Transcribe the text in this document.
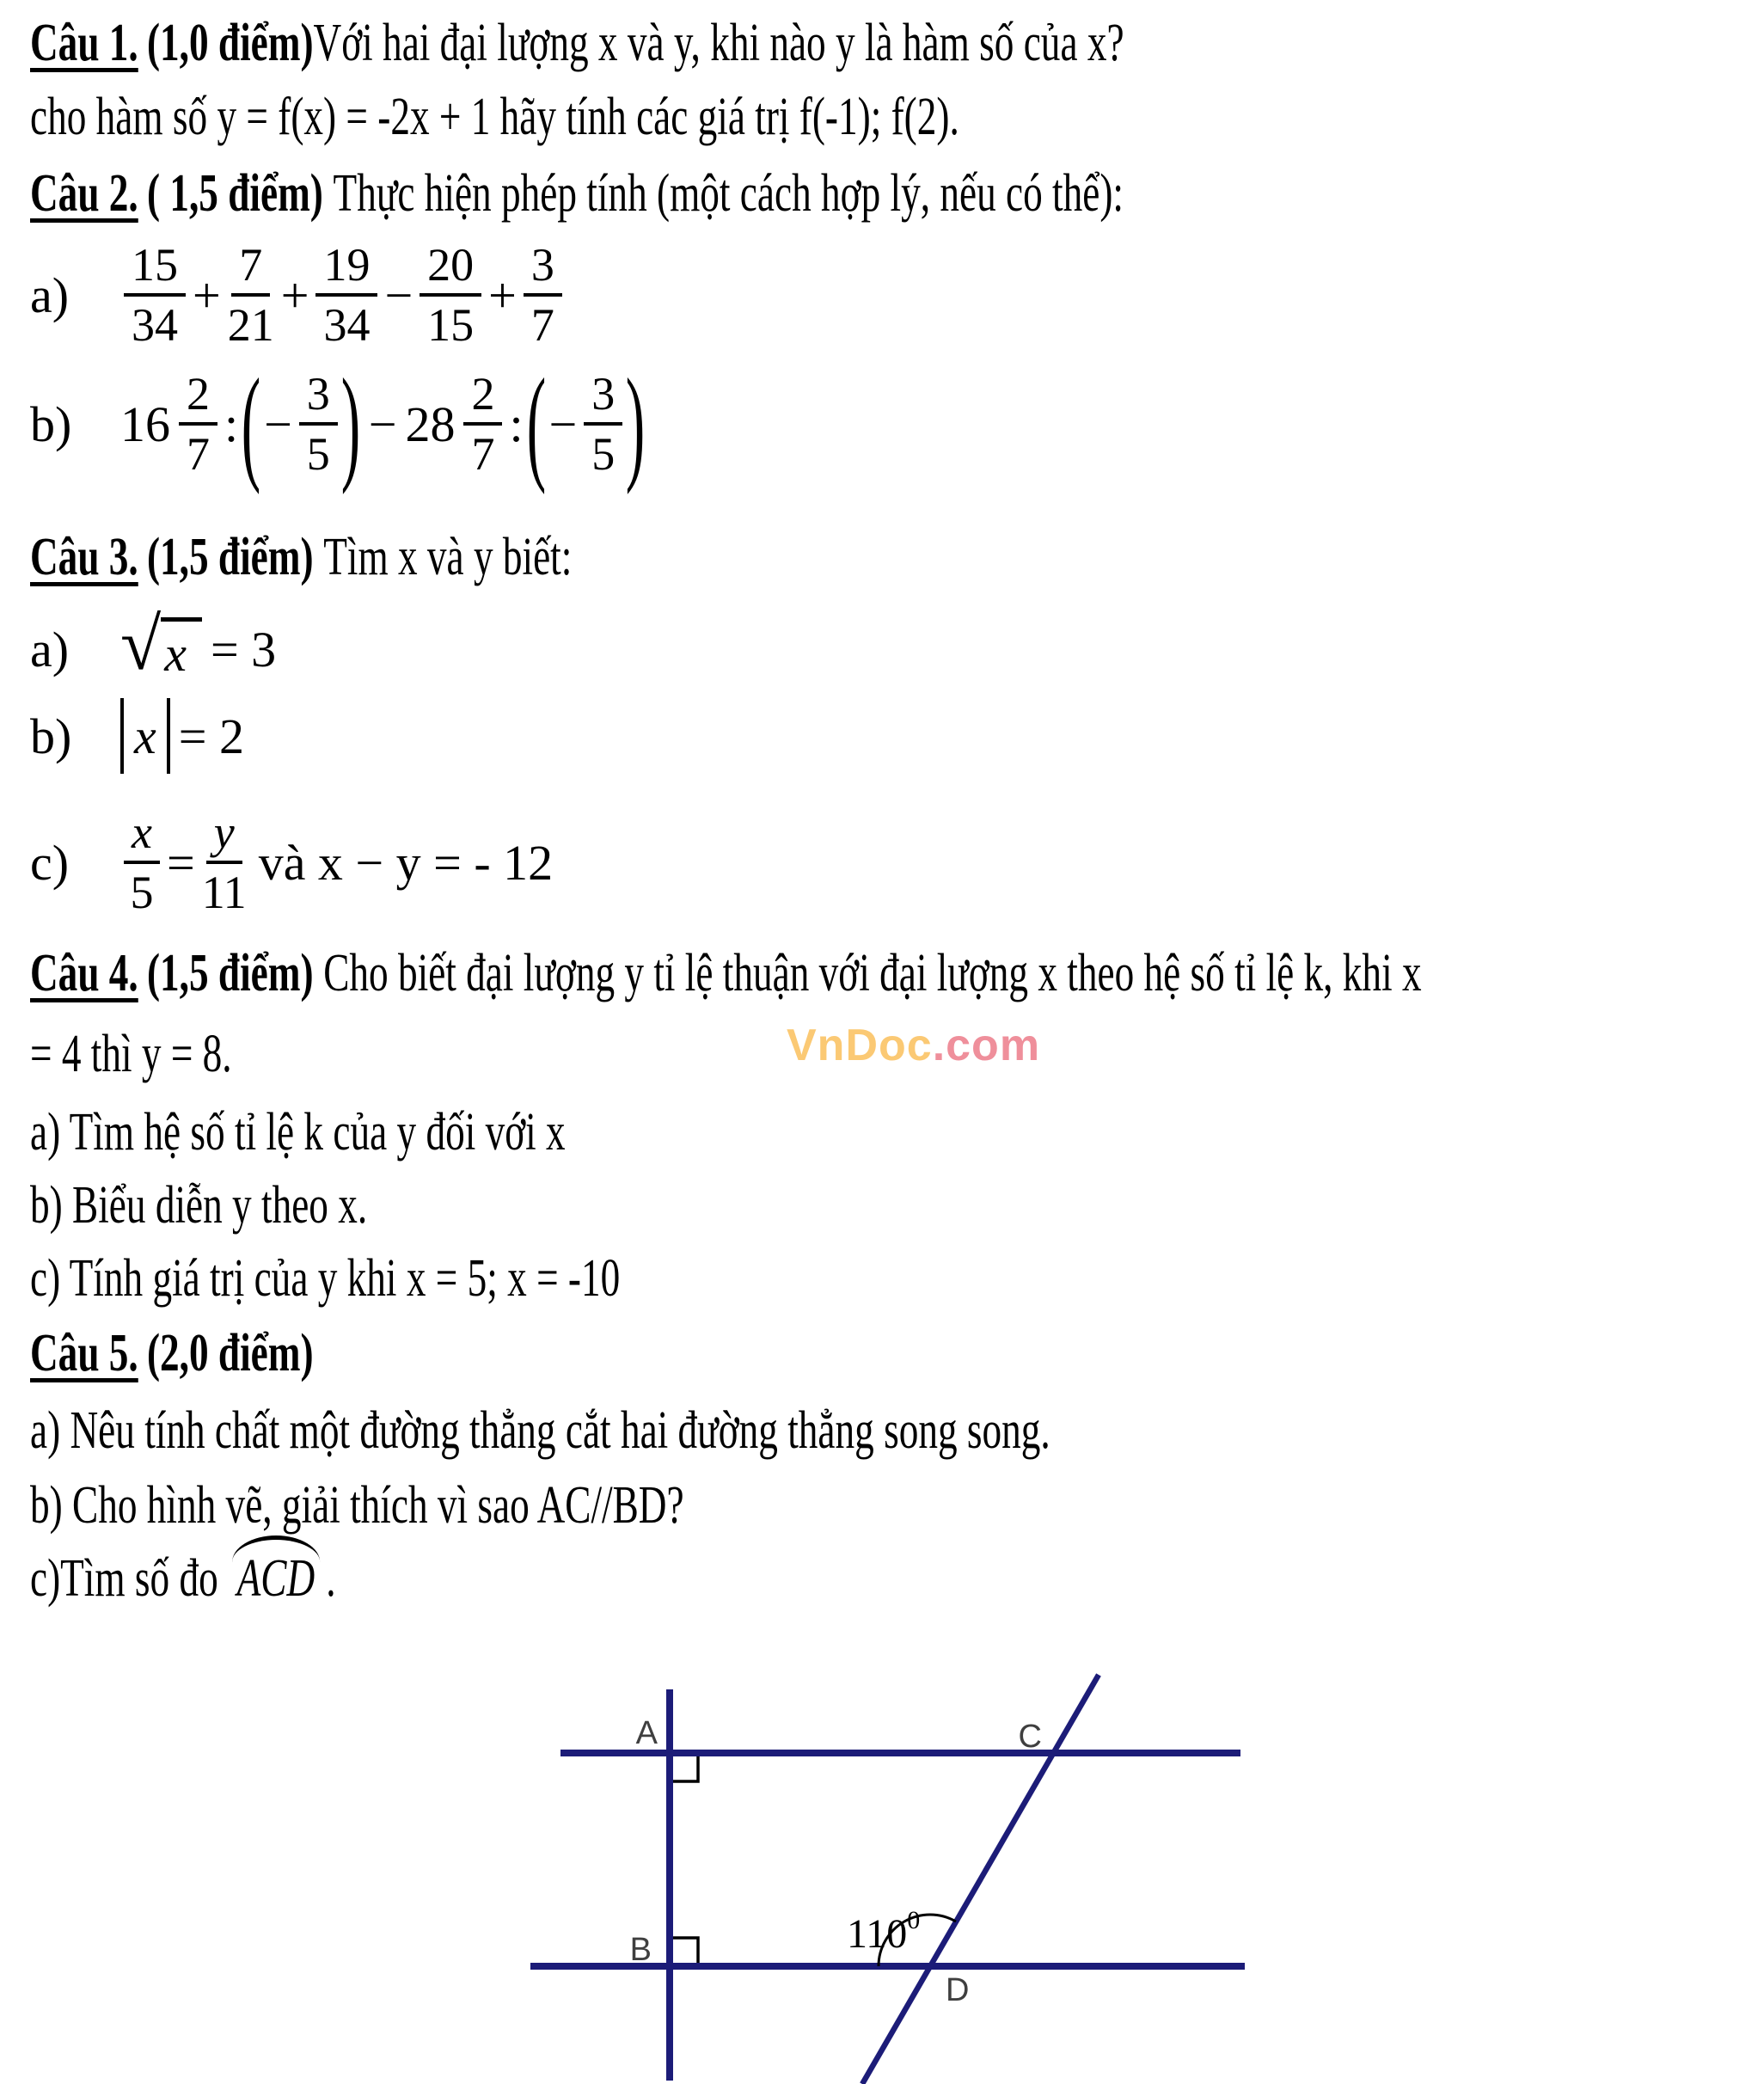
Câu 1. (1,0 điểm)Với hai đại lượng x và y, khi nào y là hàm số của x?
cho hàm số y = f(x) = -2x + 1 hãy tính các giá trị f(-1); f(2).
Câu 2. ( 1,5 điểm) Thực hiện phép tính (một cách hợp lý, nếu có thể):
a)	$\frac{15}{34} + \frac{7}{21} + \frac{19}{34} - \frac{20}{15} + \frac{3}{7}$
b) $16 \frac{2}{7}$ : ( − $\frac{3}{5}$ ) − $28 \frac{2}{7}$ : ( − $\frac{3}{5}$ )
Câu 3. (1,5 điểm) Tìm x và y biết:
a) √ x = 3
b)	x = 2
c)	$\frac{x}{5} = \frac{y}{11}$ và x − y = - 12
Câu 4. (1,5 điểm) Cho biết đại lượng y tỉ lệ thuận với đại lượng x theo hệ số tỉ lệ k, khi x
= 4 thì y = 8.	VnDoc.com
a) Tìm hệ số tỉ lệ k của y đối với x
b) Biểu diễn y theo x.
c) Tính giá trị của y khi x = 5; x = -10
Câu 5. (2,0 điểm)
a) Nêu tính chất một đường thẳng cắt hai đường thẳng song song.
b) Cho hình vẽ, giải thích vì sao AC//BD?
c)Tìm số đo ACD .
A	C
B
D
$110^0$
